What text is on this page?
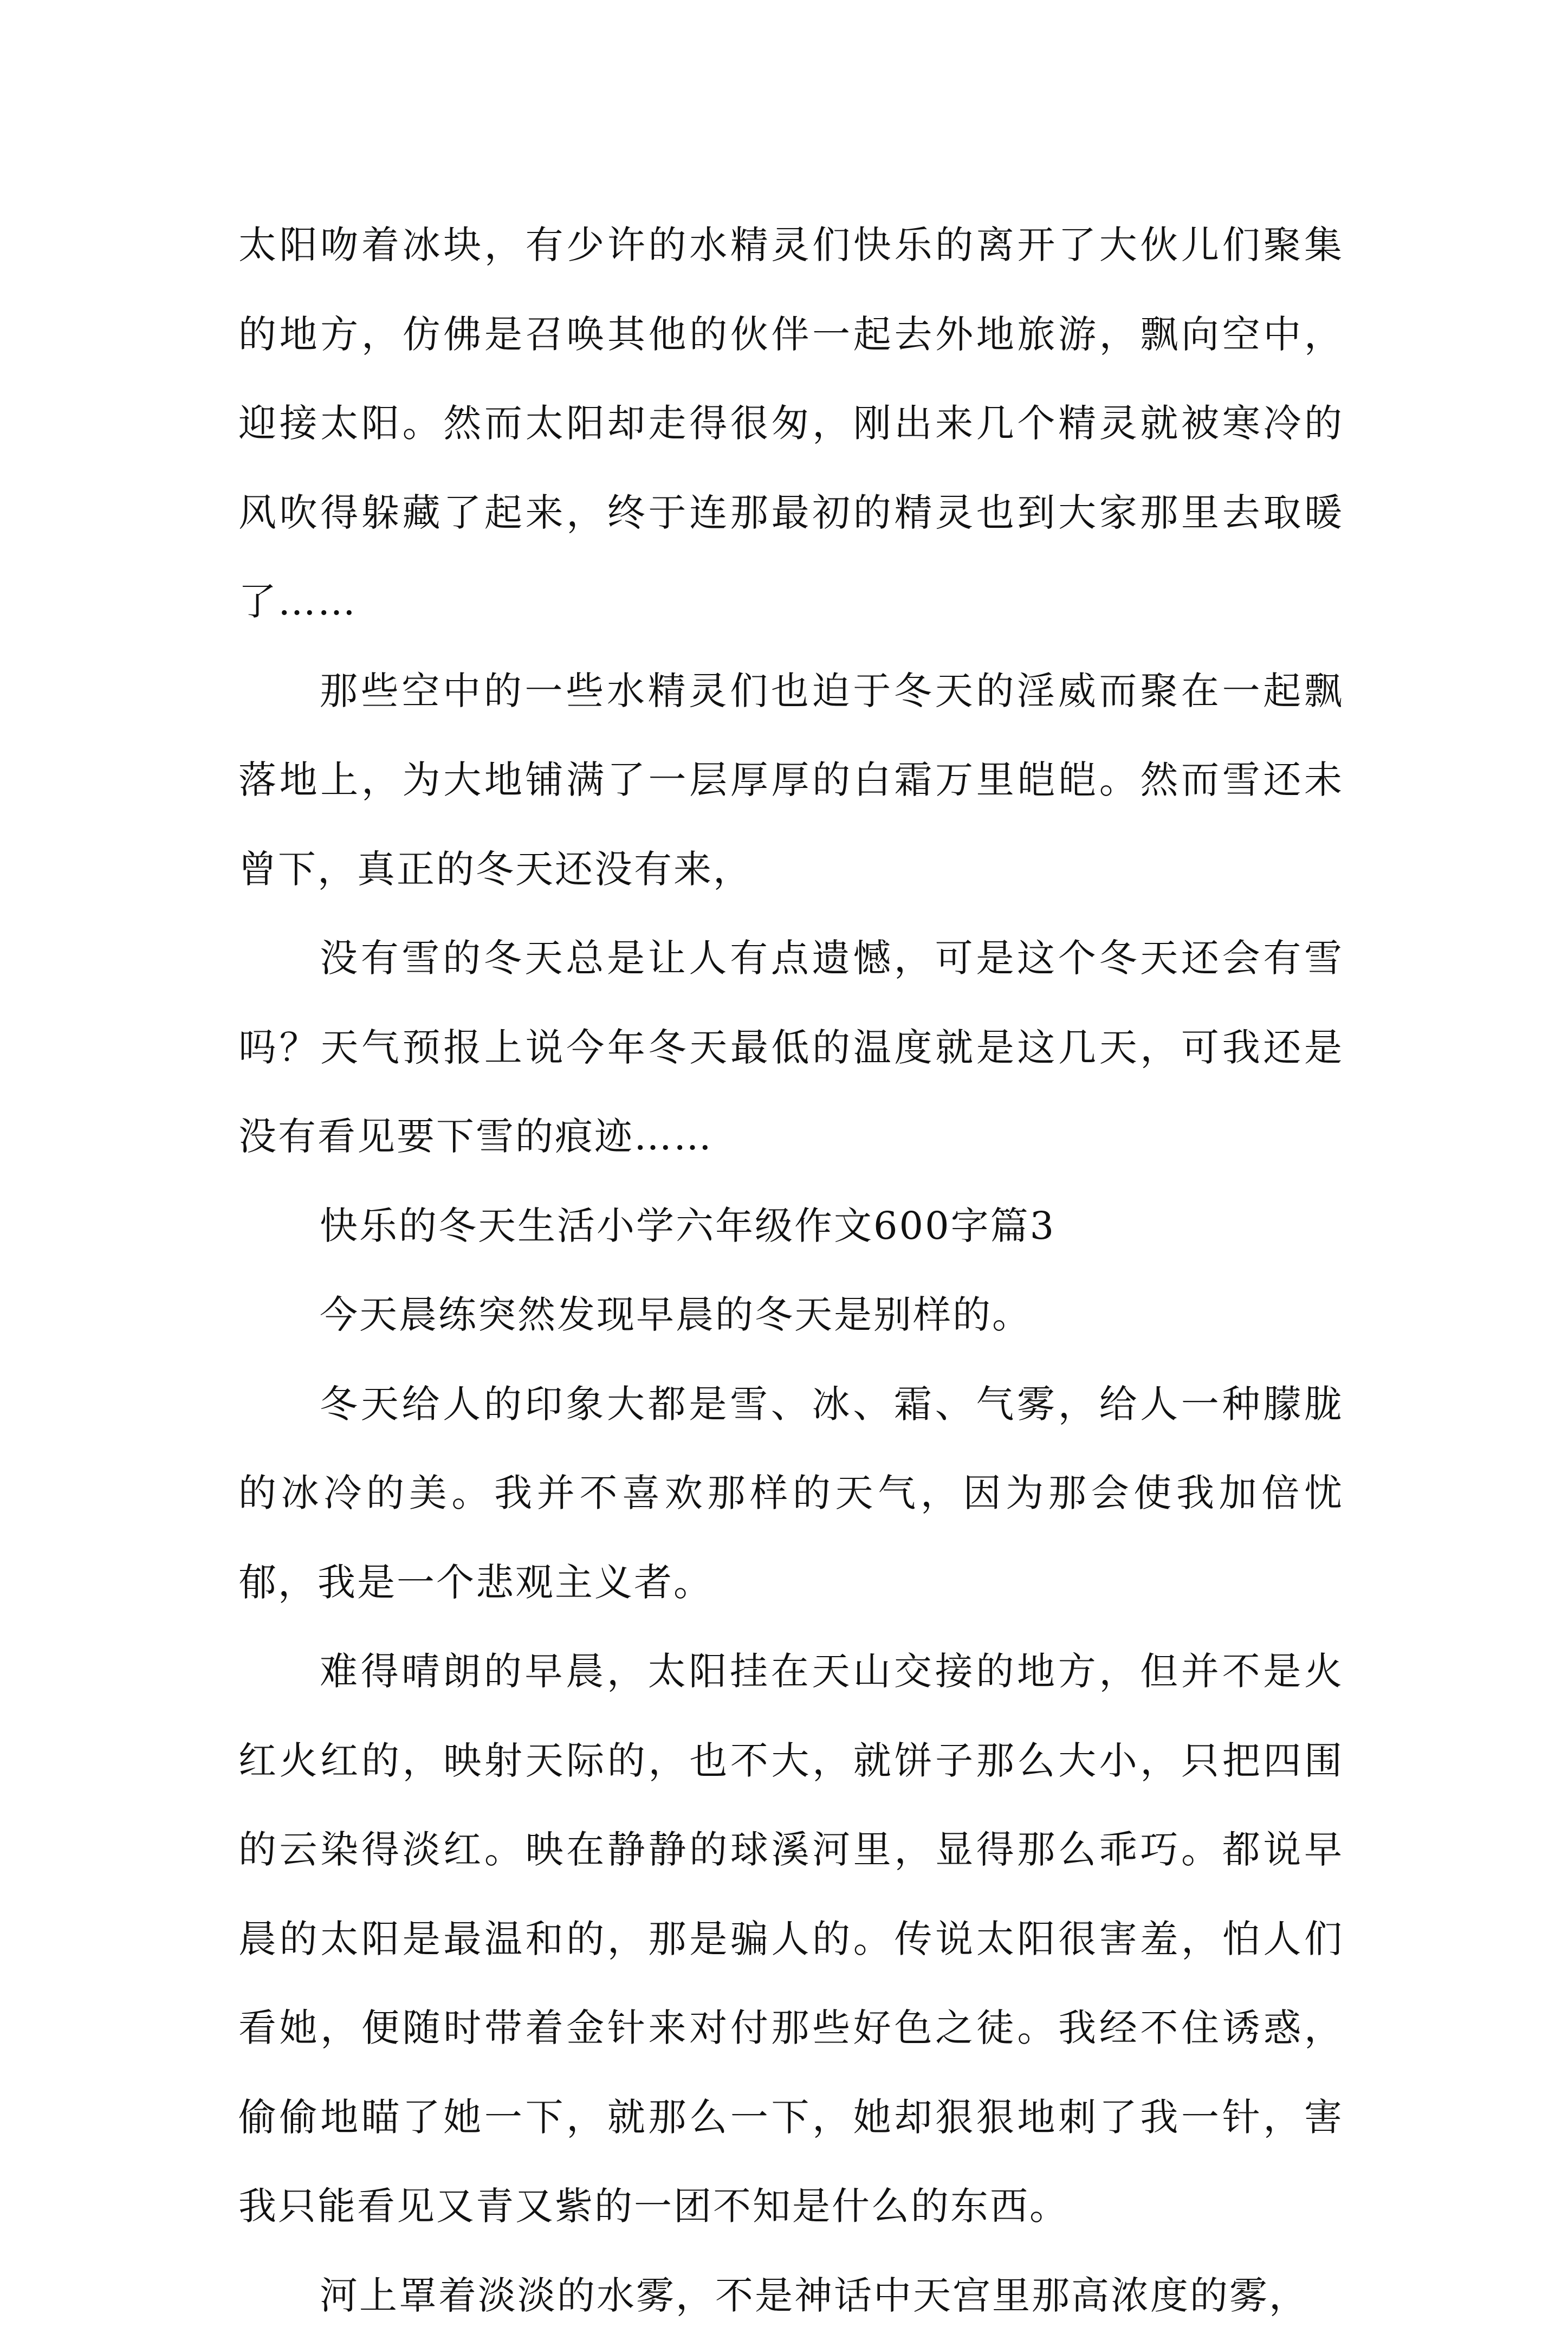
太阳吻着冰块，有少许的水精灵们快乐的离开了大伙儿们聚集的地方，仿佛是召唤其他的伙伴一起去外地旅游，飘向空中，迎接太阳。然而太阳却走得很匆，刚出来几个精灵就被寒冷的风吹得躲藏了起来，终于连那最初的精灵也到大家那里去取暖了……

那些空中的一些水精灵们也迫于冬天的淫威而聚在一起飘落地上，为大地铺满了一层厚厚的白霜万里皑皑。然而雪还未曾下，真正的冬天还没有来，

没有雪的冬天总是让人有点遗憾，可是这个冬天还会有雪吗？天气预报上说今年冬天最低的温度就是这几天，可我还是没有看见要下雪的痕迹……

快乐的冬天生活小学六年级作文600字篇3

今天晨练突然发现早晨的冬天是别样的。

冬天给人的印象大都是雪、冰、霜、气雾，给人一种朦胧的冰冷的美。我并不喜欢那样的天气，因为那会使我加倍忧郁，我是一个悲观主义者。

难得晴朗的早晨，太阳挂在天山交接的地方，但并不是火红火红的，映射天际的，也不大，就饼子那么大小，只把四围的云染得淡红。映在静静的球溪河里，显得那么乖巧。都说早晨的太阳是最温和的，那是骗人的。传说太阳很害羞，怕人们看她，便随时带着金针来对付那些好色之徒。我经不住诱惑，偷偷地瞄了她一下，就那么一下，她却狠狠地刺了我一针，害我只能看见又青又紫的一团不知是什么的东西。

河上罩着淡淡的水雾，不是神话中天宫里那高浓度的雾，
